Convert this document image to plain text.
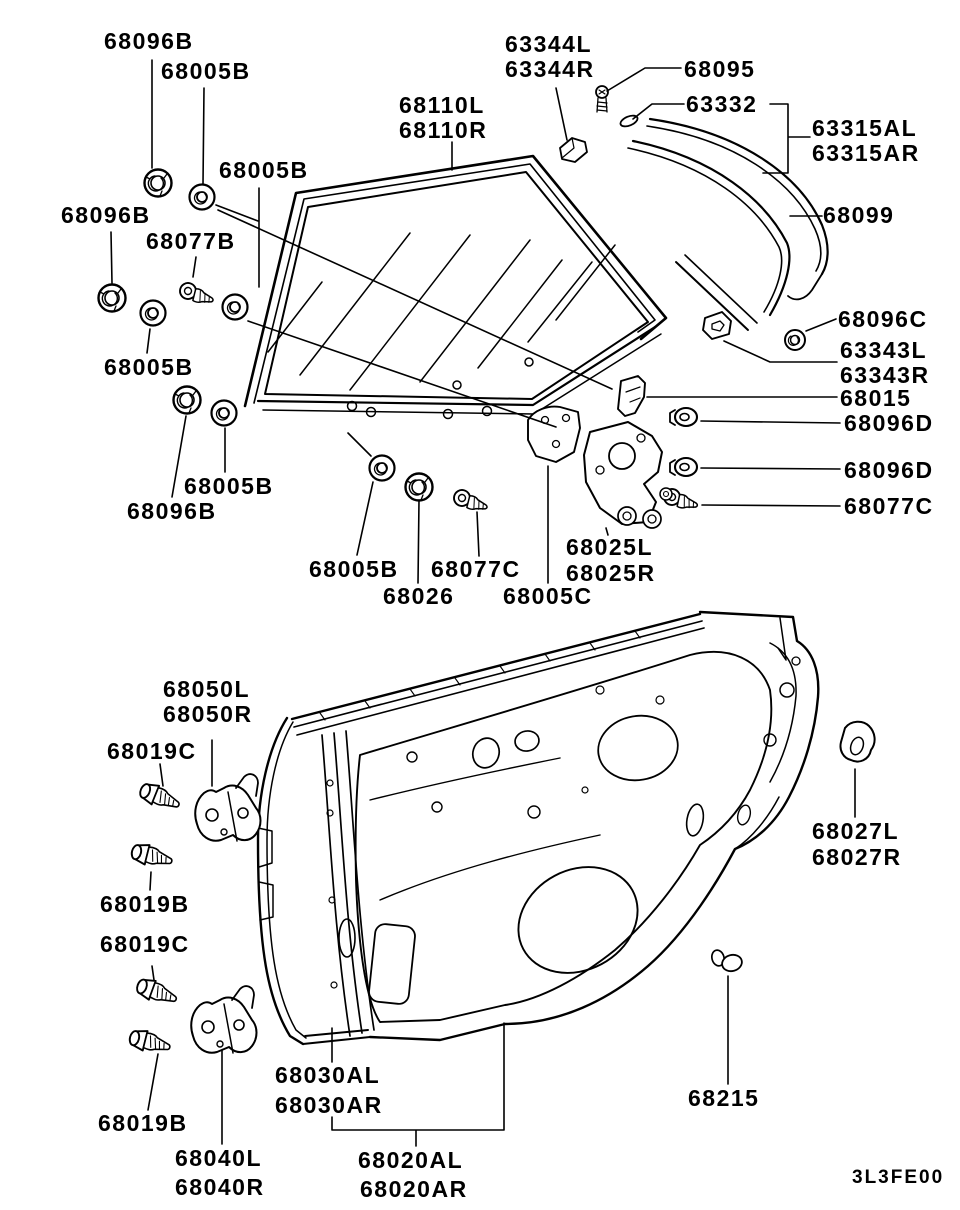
68096B
68005B
68005B
68096B
68077B
68005B
68005B
68096B
68110L
68110R
63344L
63344R	68095
63332
63315AL
63315AR
68099
68096C
63343L
63343R
68015
68096D
68096D
68077C
68005B 68077C
68025L
68025R
68026 68005C
68050L
68050R
68019C
68019B
68019C
68027L
68027R
68019B
68030AL
68030AR
68040L
68040R
68020AL
68020AR
68215
3L3FE00
